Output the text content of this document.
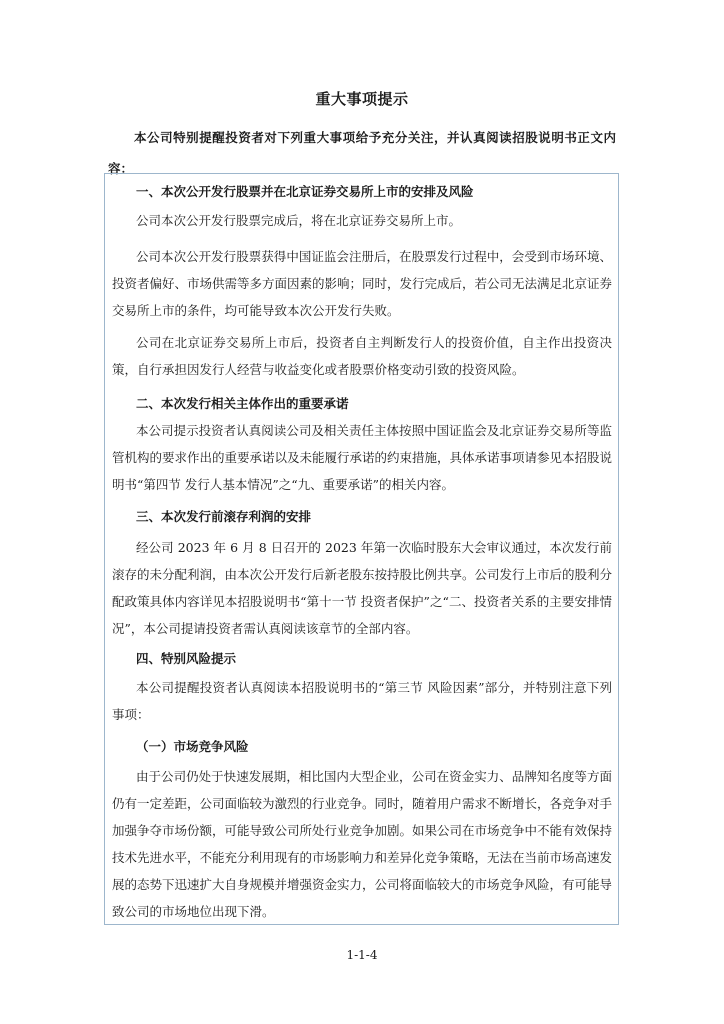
重大事项提示
本公司特别提醒投资者对下列重大事项给予充分关注，并认真阅读招股说明书正文内容：
一、本次公开发行股票并在北京证券交易所上市的安排及风险
公司本次公开发行股票完成后，将在北京证券交易所上市。
公司本次公开发行股票获得中国证监会注册后，在股票发行过程中，会受到市场环境、投资者偏好、市场供需等多方面因素的影响；同时，发行完成后，若公司无法满足北京证券交易所上市的条件，均可能导致本次公开发行失败。
公司在北京证券交易所上市后，投资者自主判断发行人的投资价值，自主作出投资决策，自行承担因发行人经营与收益变化或者股票价格变动引致的投资风险。
二、本次发行相关主体作出的重要承诺
本公司提示投资者认真阅读公司及相关责任主体按照中国证监会及北京证券交易所等监管机构的要求作出的重要承诺以及未能履行承诺的约束措施，具体承诺事项请参见本招股说明书“第四节 发行人基本情况”之“九、重要承诺”的相关内容。
三、本次发行前滚存利润的安排
经公司 2023 年 6 月 8 日召开的 2023 年第一次临时股东大会审议通过，本次发行前滚存的未分配利润，由本次公开发行后新老股东按持股比例共享。公司发行上市后的股利分配政策具体内容详见本招股说明书“第十一节 投资者保护”之“二、投资者关系的主要安排情况”，本公司提请投资者需认真阅读该章节的全部内容。
四、特别风险提示
本公司提醒投资者认真阅读本招股说明书的“第三节 风险因素”部分，并特别注意下列事项：
（一）市场竞争风险
由于公司仍处于快速发展期，相比国内大型企业，公司在资金实力、品牌知名度等方面仍有一定差距，公司面临较为激烈的行业竞争。同时，随着用户需求不断增长，各竞争对手加强争夺市场份额，可能导致公司所处行业竞争加剧。如果公司在市场竞争中不能有效保持技术先进水平，不能充分利用现有的市场影响力和差异化竞争策略，无法在当前市场高速发展的态势下迅速扩大自身规模并增强资金实力，公司将面临较大的市场竞争风险，有可能导致公司的市场地位出现下滑。
1-1-4
